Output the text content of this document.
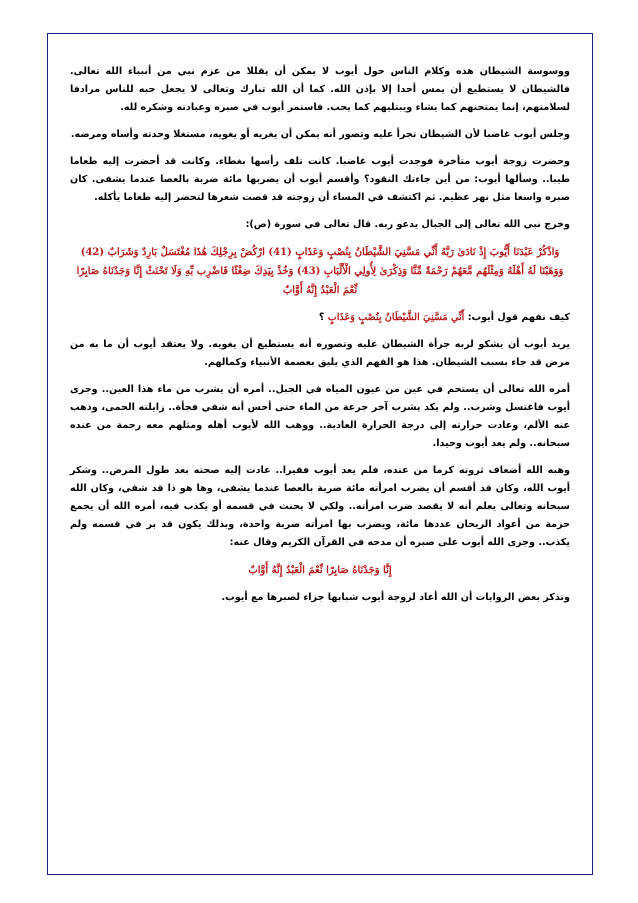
ووسوسة الشيطان هذه وكلام الناس حول أيوب لا يمكن أن يقللا من عزم نبي من أنبياء الله تعالى. فالشيطان لا يستطيع أن يمس أحدا إلا بإذن الله. كما أن الله تبارك وتعالى لا يجعل حبه للناس مرادفا لسلامتهم، إنما يمتحنهم كما يشاء ويبتليهم كما يحب. فاستمر أيوب في صبره وعبادته وشكره لله.

وجلس أيوب غاضبا لأن الشيطان تجرأ عليه وتصور أنه يمكن أن يغريه أو يغويه، مستغلا وحدته وأساه ومرضه.

وحضرت زوجة أيوب متأخرة فوجدت أيوب غاضبا. كانت تلف رأسها بغطاء. وكانت قد أحضرت إليه طعاما طيبا.. وسألها أيوب: من أين جاءتك النقود؟ وأقسم أيوب أن يضربها مائة ضربة بالعصا عندما يشفى. كان صبره واسعا مثل نهر عظيم. ثم اكتشف في المساء أن زوجته قد قصت شعرها لتحضر إليه طعاما يأكله.

وخرج نبي الله تعالى إلى الجبال يدعو ربه. قال تعالى في سورة (ص):

وَاذْكُرْ عَبْدَنَا أَيُّوبَ إِذْ نَادَىٰ رَبَّهُ أَنِّي مَسَّنِيَ الشَّيْطَانُ بِنُصْبٍ وَعَذَابٍ (41) ارْكُضْ بِرِجْلِكَ هَٰذَا مُغْتَسَلٌ بَارِدٌ وَشَرَابٌ (42) وَوَهَبْنَا لَهُ أَهْلَهُ وَمِثْلَهُم مَّعَهُمْ رَحْمَةً مِّنَّا وَذِكْرَىٰ لِأُولِي الْأَلْبَابِ (43) وَخُذْ بِيَدِكَ ضِغْثًا فَاضْرِب بِّهِ وَلَا تَحْنَثْ إِنَّا وَجَدْنَاهُ صَابِرًا نِّعْمَ الْعَبْدُ إِنَّهُ أَوَّابٌ

كيف نفهم قول أيوب: أَنِّي مَسَّنِيَ الشَّيْطَانُ بِنُصْبٍ وَعَذَابٍ ؟

يريد أيوب أن يشكو لربه جرأة الشيطان عليه وتصوره أنه يستطيع أن يغويه. ولا يعتقد أيوب أن ما به من مرض قد جاء بسبب الشيطان. هذا هو الفهم الذي يليق بعصمة الأنبياء وكمالهم.

أمره الله تعالى أن يستحم في عين من عيون المياه في الجبل.. أمره أن يشرب من ماء هذا العين.. وجرى أيوب فاغتسل وشرب.. ولم يكد يشرب آخر جرعة من الماء حتى أحس أنه شفي فجأة.. زايلته الحمى، وذهب عنه الألم، وعادت حرارته إلى درجة الحرارة العادية.. ووهب الله لأيوب أهله ومثلهم معه رحمة من عنده سبحانه.. ولم يعد أيوب وحيدا.

وهبه الله أضعاف ثروته كرما من عنده، فلم يعد أيوب فقيرا.. عادت إليه صحته بعد طول المرض.. وشكر أيوب الله، وكان قد أقسم أن يضرب امرأته مائة ضربة بالعصا عندما يشفى، وها هو ذا قد شفي، وكان الله سبحانه وتعالى يعلم أنه لا يقصد ضرب امرأته.. ولكي لا يحنث في قسمه أو يكذب فيه، أمره الله أن يجمع حزمة من أعواد الريحان عددها مائة، ويضرب بها امرأته ضربة واحدة، وبذلك يكون قد بر في قسمه ولم يكذب.. وجزى الله أيوب على صبره أن مدحه في القرآن الكريم وقال عنه:

إِنَّا وَجَدْنَاهُ صَابِرًا نِّعْمَ الْعَبْدُ إِنَّهُ أَوَّابٌ

وتذكر بعض الروايات أن الله أعاد لزوجة أيوب شبابها جزاء لصبرها مع أيوب.
